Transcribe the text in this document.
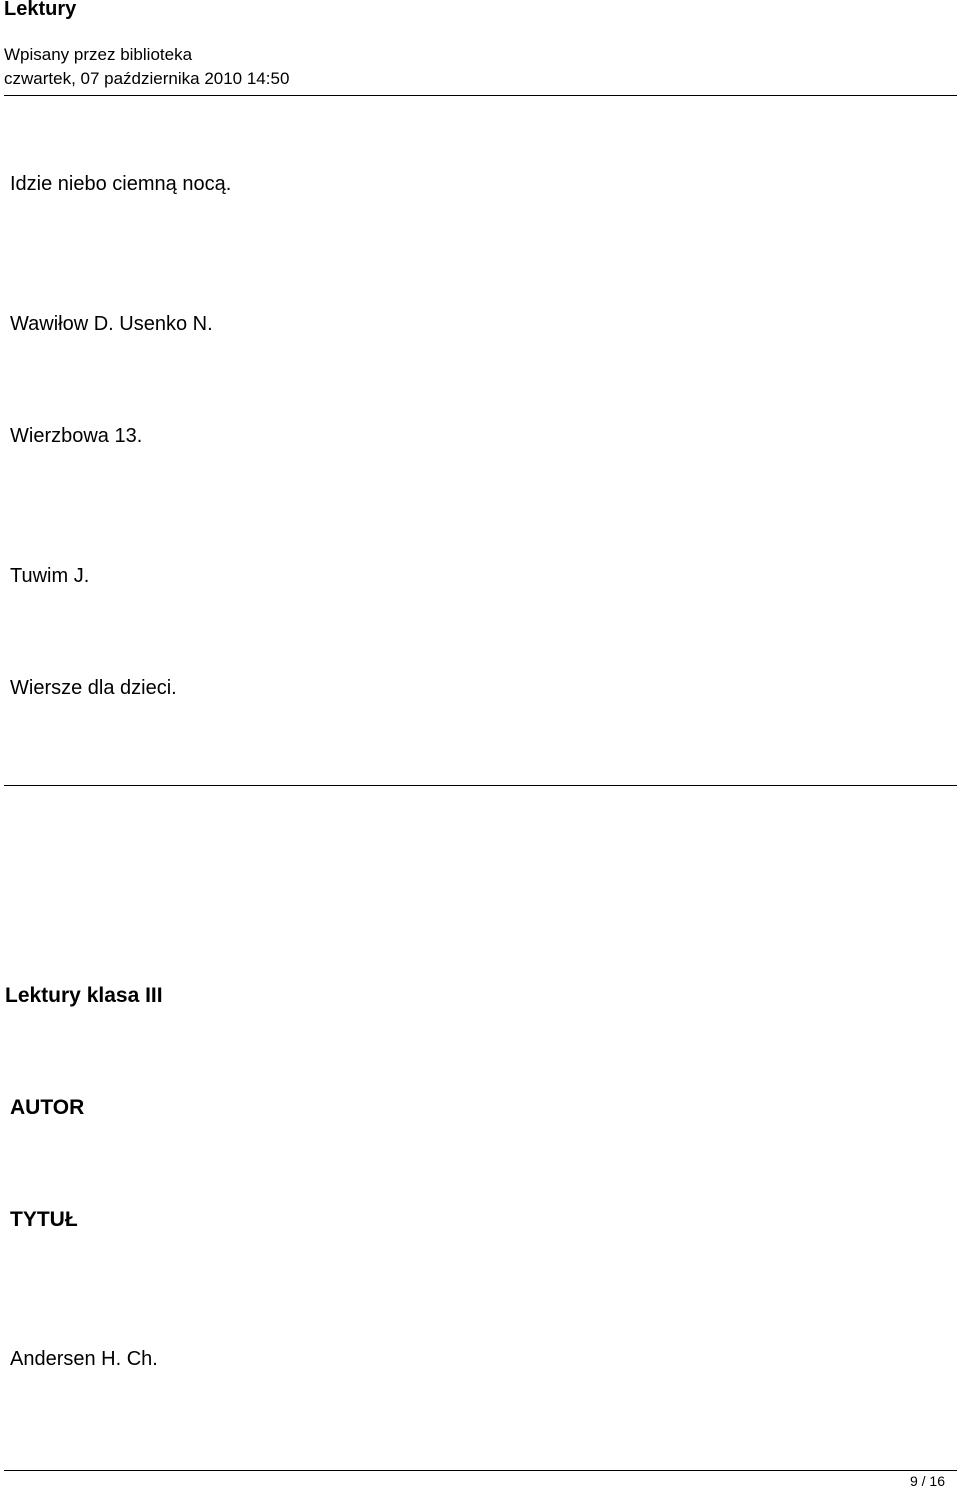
Lektury
Wpisany przez biblioteka
czwartek, 07 października 2010 14:50

Idzie niebo ciemną nocą.

Wawiłow D. Usenko N.

Wierzbowa 13.

Tuwim J.

Wiersze dla dzieci.

Lektury klasa III
AUTOR
TYTUŁ

Andersen H. Ch.

9 / 16
